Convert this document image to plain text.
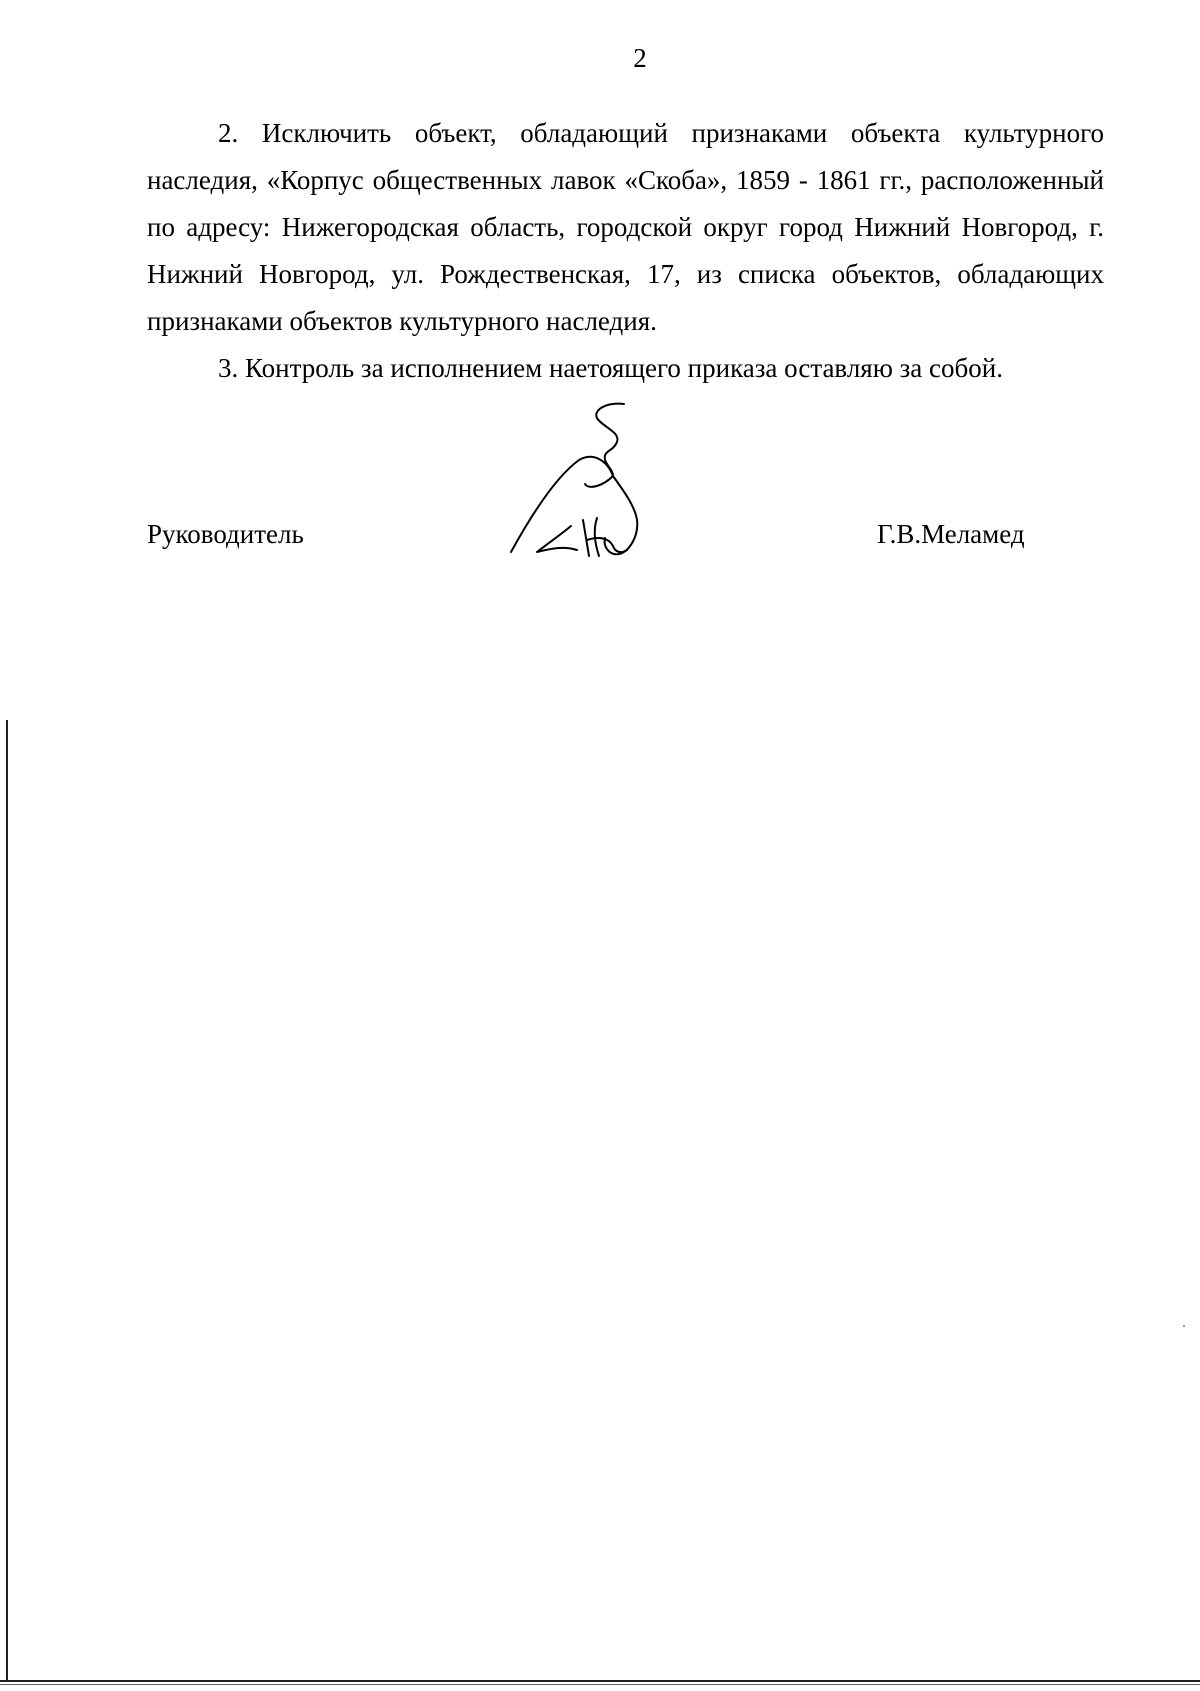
2

2. Исключить объект, обладающий признаками объекта культурного наследия, «Корпус общественных лавок «Скоба», 1859 - 1861 гг., расположенный по адресу: Нижегородская область, городской округ город Нижний Новгород, г. Нижний Новгород, ул. Рождественская, 17, из списка объектов, обладающих признаками объектов культурного наследия.

3. Контроль за исполнением наетоящего приказа оставляю за собой.

Руководитель	Г.В.Меламед
